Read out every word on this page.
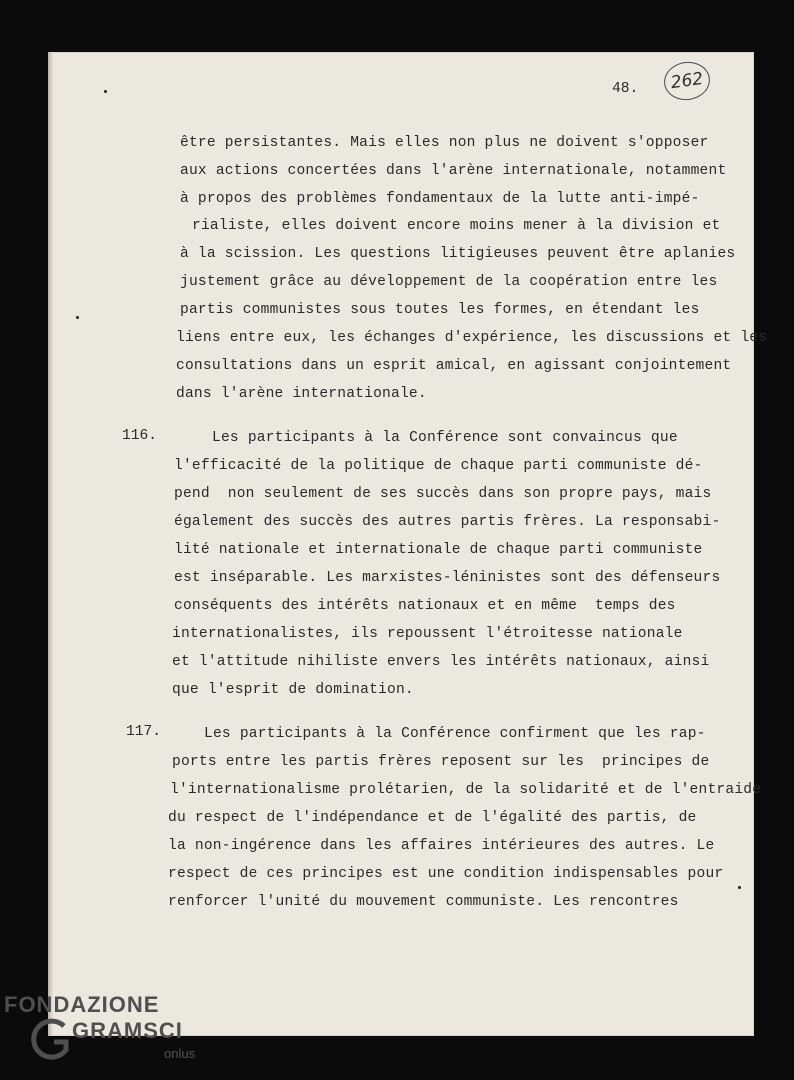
48.	262
être persistantes. Mais elles non plus ne doivent s'opposer
aux actions concertées dans l'arène internationale, notamment
à propos des problèmes fondamentaux de la lutte anti-impé-
rialiste, elles doivent encore moins mener à la division et
à la scission. Les questions litigieuses peuvent être aplanies
justement grâce au développement de la coopération entre les
partis communistes sous toutes les formes, en étendant les
liens entre eux, les échanges d'expérience, les discussions et les
consultations dans un esprit amical, en agissant conjointement
dans l'arène internationale.
116.	Les participants à la Conférence sont convaincus que
l'efficacité de la politique de chaque parti communiste dé-
pend  non seulement de ses succès dans son propre pays, mais
également des succès des autres partis frères. La responsabi-
lité nationale et internationale de chaque parti communiste
est inséparable. Les marxistes-léninistes sont des défenseurs
conséquents des intérêts nationaux et en même  temps des
internationalistes, ils repoussent l'étroitesse nationale
et l'attitude nihiliste envers les intérêts nationaux, ainsi
que l'esprit de domination.
117.	Les participants à la Conférence confirment que les rap-
ports entre les partis frères reposent sur les  principes de
l'internationalisme prolétarien, de la solidarité et de l'entraide
du respect de l'indépendance et de l'égalité des partis, de
la non-ingérence dans les affaires intérieures des autres. Le
respect de ces principes est une condition indispensables pour
renforcer l'unité du mouvement communiste. Les rencontres
FONDAZIONE
GRAMSCI
onlus
